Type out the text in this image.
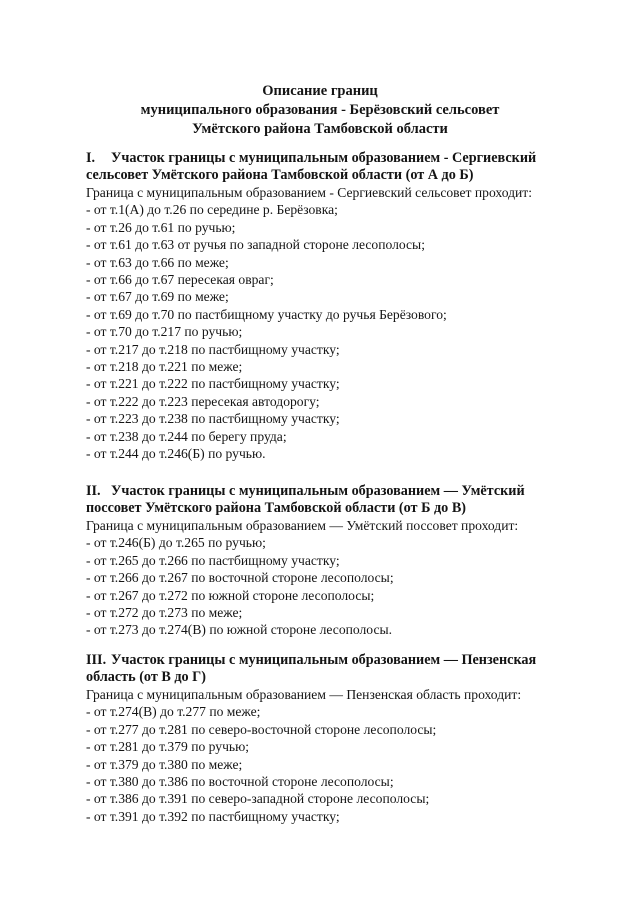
Описание границ
муниципального образования - Берёзовский сельсовет
Умётского района Тамбовской области
I. Участок границы с муниципальным образованием - Сергиевский
сельсовет Умётского района Тамбовской области (от А до Б)
Граница с муниципальным образованием - Сергиевский сельсовет проходит:
- от т.1(А) до т.26 по середине р. Берёзовка;
- от т.26 до т.61 по ручью;
- от т.61 до т.63 от ручья по западной стороне лесополосы;
- от т.63 до т.66 по меже;
- от т.66 до т.67 пересекая овраг;
- от т.67 до т.69 по меже;
- от т.69 до т.70 по пастбищному участку до ручья Берёзового;
- от т.70 до т.217 по ручью;
- от т.217 до т.218 по пастбищному участку;
- от т.218 до т.221 по меже;
- от т.221 до т.222 по пастбищному участку;
- от т.222 до т.223 пересекая автодорогу;
- от т.223 до т.238 по пастбищному участку;
- от т.238 до т.244 по берегу пруда;
- от т.244 до т.246(Б) по ручью.
II. Участок границы с муниципальным образованием — Умётский
поссовет Умётского района Тамбовской области (от Б до В)
Граница с муниципальным образованием — Умётский поссовет проходит:
- от т.246(Б) до т.265 по ручью;
- от т.265 до т.266 по пастбищному участку;
- от т.266 до т.267 по восточной стороне лесополосы;
- от т.267 до т.272 по южной стороне лесополосы;
- от т.272 до т.273 по меже;
- от т.273 до т.274(В) по южной стороне лесополосы.
III. Участок границы с муниципальным образованием — Пензенская
область (от В до Г)
Граница с муниципальным образованием — Пензенская область проходит:
- от т.274(В) до т.277 по меже;
- от т.277 до т.281 по северо-восточной стороне лесополосы;
- от т.281 до т.379 по ручью;
- от т.379 до т.380 по меже;
- от т.380 до т.386 по восточной стороне лесополосы;
- от т.386 до т.391 по северо-западной стороне лесополосы;
- от т.391 до т.392 по пастбищному участку;
